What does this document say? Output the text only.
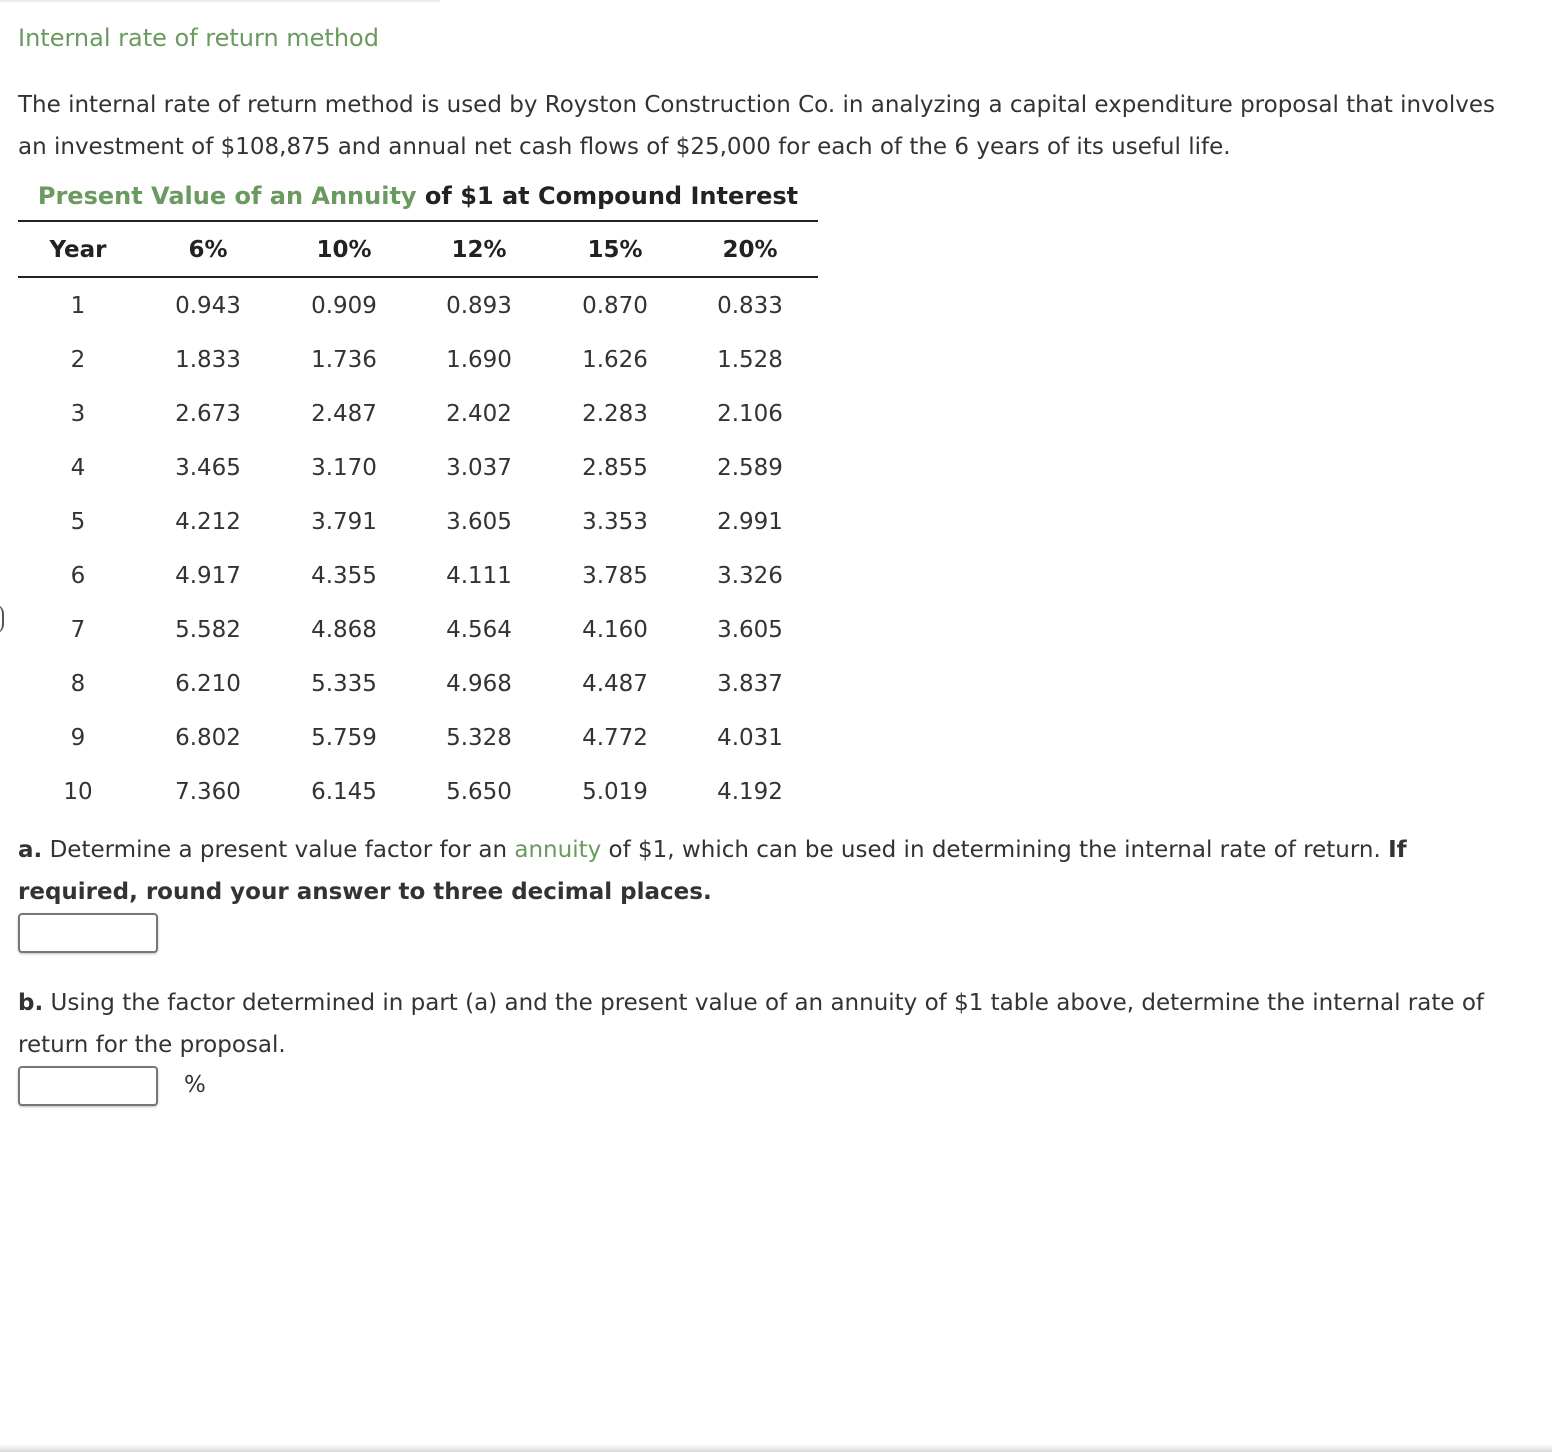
Internal rate of return method
The internal rate of return method is used by Royston Construction Co. in analyzing a capital expenditure proposal that involves an investment of $108,875 and annual net cash flows of $25,000 for each of the 6 years of its useful life.
Present Value of an Annuity of $1 at Compound Interest
Year	6%	10%	12%	15%	20%
1	0.943	0.909	0.893	0.870	0.833
2	1.833	1.736	1.690	1.626	1.528
3	2.673	2.487	2.402	2.283	2.106
4	3.465	3.170	3.037	2.855	2.589
5	4.212	3.791	3.605	3.353	2.991
6	4.917	4.355	4.111	3.785	3.326
7	5.582	4.868	4.564	4.160	3.605
8	6.210	5.335	4.968	4.487	3.837
9	6.802	5.759	5.328	4.772	4.031
10	7.360	6.145	5.650	5.019	4.192
a. Determine a present value factor for an annuity of $1, which can be used in determining the internal rate of return. If required, round your answer to three decimal places.
b. Using the factor determined in part (a) and the present value of an annuity of $1 table above, determine the internal rate of return for the proposal.
%
